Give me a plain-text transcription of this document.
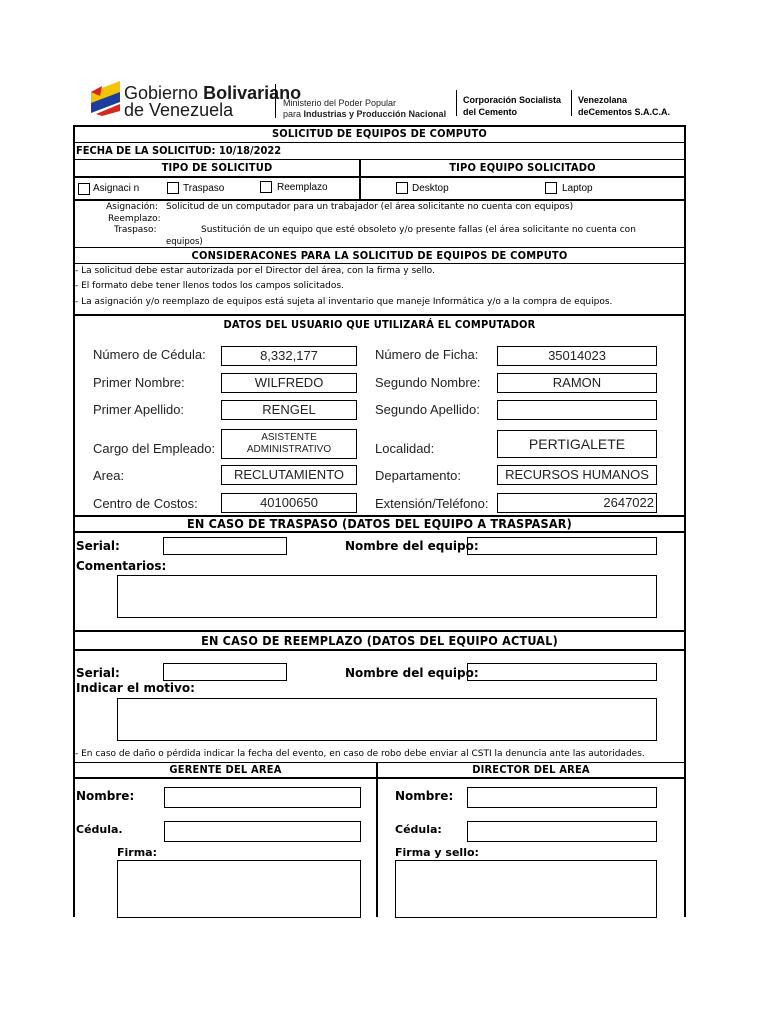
Gobierno Bolivariano
de Venezuela	Ministerio del Poder Popular
para Industrias y Producción Nacional
Corporación Socialista
del Cemento
Venezolana
deCementos S.A.C.A.
SOLICITUD DE EQUIPOS DE COMPUTO
FECHA DE LA SOLICITUD: 10/18/2022
TIPO DE SOLICITUD	TIPO EQUIPO SOLICITADO
Asignaci n	Traspaso	Reemplazo	Desktop	Laptop
Asignación: Solicitud de un computador para un trabajador (el área solicitante no cuenta con equipos)
Reemplazo:
Traspaso:	Sustitución de un equipo que esté obsoleto y/o presente fallas (el área solicitante no cuenta con
equipos)
CONSIDERACONES PARA LA SOLICITUD DE EQUIPOS DE COMPUTO
- La solicitud debe estar autorizada por el Director del área, con la firma y sello.
- El formato debe tener llenos todos los campos solicitados.
- La asignación y/o reemplazo de equipos está sujeta al inventario que maneje Informática y/o a la compra de equipos.
DATOS DEL USUARIO QUE UTILIZARÁ EL COMPUTADOR
Número de Cédula:	8,332,177	Número de Ficha:	35014023
Primer Nombre:	WILFREDO	Segundo Nombre:	RAMON
Primer Apellido:	RENGEL	Segundo Apellido:
Cargo del Empleado:
ASISTENTE
ADMINISTRATIVO	Localidad:	PERTIGALETE
Area:	RECLUTAMIENTO	Departamento:	RECURSOS HUMANOS
Centro de Costos:	40100650	Extensión/Teléfono:	2647022
EN CASO DE TRASPASO (DATOS DEL EQUIPO A TRASPASAR)
Serial:	Nombre del equipo:
Comentarios:
EN CASO DE REEMPLAZO (DATOS DEL EQUIPO ACTUAL)
Serial:	Nombre del equipo:
Indicar el motivo:
- En caso de daño o pérdida indicar la fecha del evento, en caso de robo debe enviar al CSTI la denuncia ante las autoridades.
GERENTE DEL AREA	DIRECTOR DEL AREA
Nombre:	Nombre:
Cédula.	Cédula:
Firma:	Firma y sello:
